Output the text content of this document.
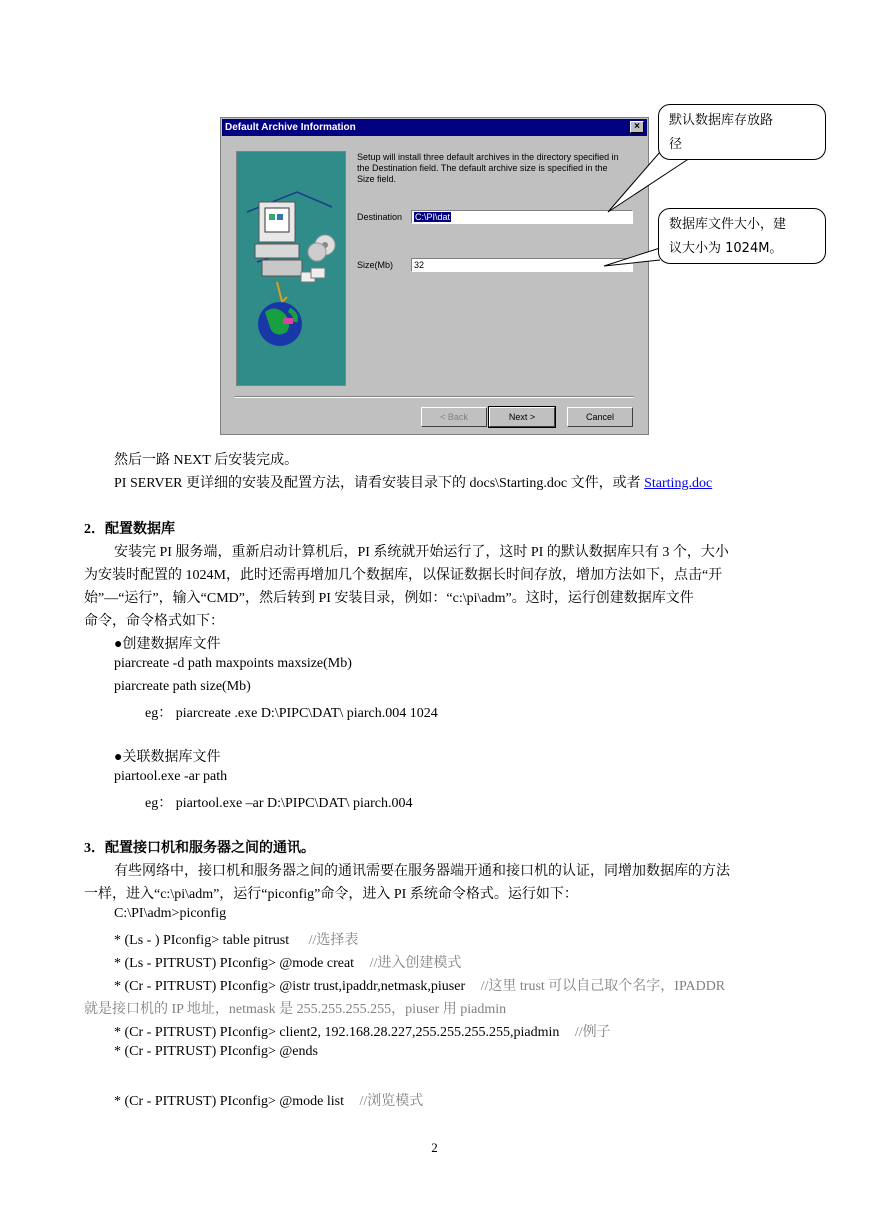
Default Archive Information	×
Setup will install three default archives in the directory specified in
the Destination field. The default archive size is specified in the
Size field.
Destination	C:\PI\dat
Size(Mb)	32
< Back	Next >	Cancel
默认数据库存放路
径
数据库文件大小，建
议大小为 1024M。
然后一路 NEXT 后安装完成。
PI SERVER 更详细的安装及配置方法，请看安装目录下的 docs\Starting.doc 文件，或者 Starting.doc
2．配置数据库
安装完 PI 服务端，重新启动计算机后，PI 系统就开始运行了，这时 PI 的默认数据库只有 3 个，大小
为安装时配置的 1024M，此时还需再增加几个数据库，以保证数据长时间存放，增加方法如下，点击“开
始”—“运行”，输入“CMD”，然后转到 PI 安装目录，例如：“c:\pi\adm”。这时，运行创建数据库文件
命令，命令格式如下：
●创建数据库文件
piarcreate -d path maxpoints maxsize(Mb)
piarcreate path size(Mb)
eg： piarcreate .exe D:\PIPC\DAT\ piarch.004 1024
●关联数据库文件
piartool.exe -ar path
eg： piartool.exe –ar D:\PIPC\DAT\ piarch.004
3．配置接口机和服务器之间的通讯。
有些网络中，接口机和服务器之间的通讯需要在服务器端开通和接口机的认证，同增加数据库的方法
一样，进入“c:\pi\adm”，运行“piconfig”命令，进入 PI 系统命令格式。运行如下：
C:\PI\adm>piconfig
* (Ls - ) PIconfig> table pitrust //选择表
* (Ls - PITRUST) PIconfig> @mode creat //进入创建模式
* (Cr - PITRUST) PIconfig> @istr trust,ipaddr,netmask,piuser //这里 trust 可以自己取个名字，IPADDR
就是接口机的 IP 地址，netmask 是 255.255.255.255，piuser 用 piadmin
* (Cr - PITRUST) PIconfig> client2, 192.168.28.227,255.255.255.255,piadmin //例子
* (Cr - PITRUST) PIconfig> @ends
* (Cr - PITRUST) PIconfig> @mode list //浏览模式
2
